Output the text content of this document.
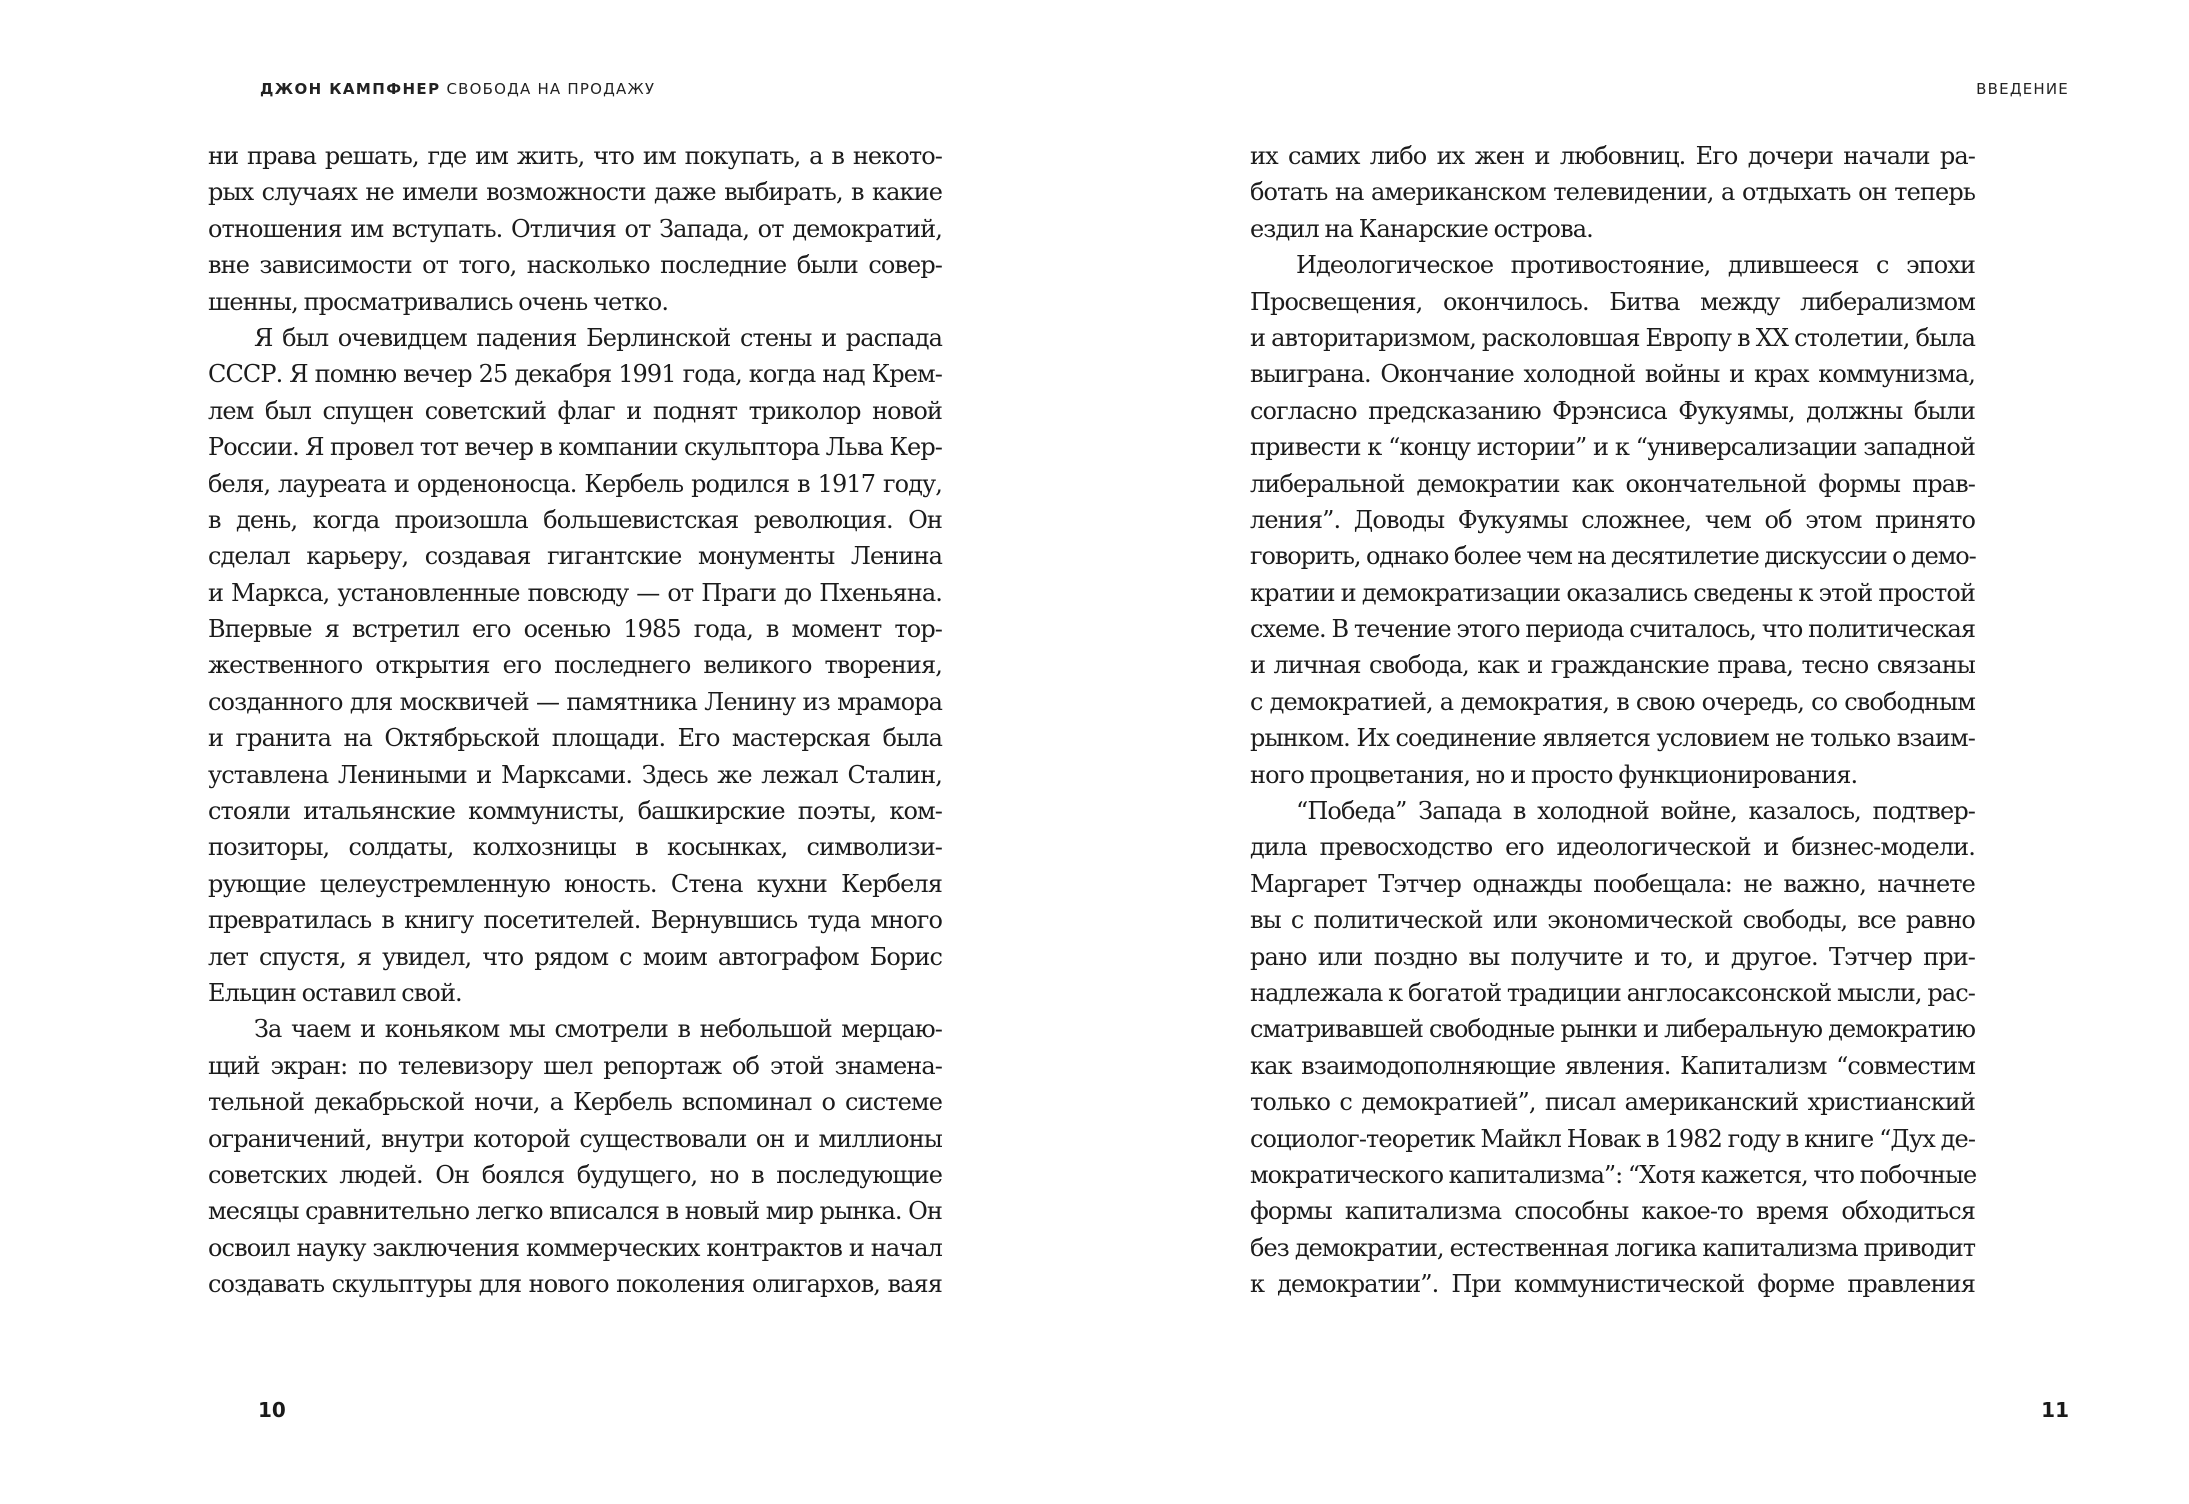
ДЖОН КАМПФНЕР СВОБОДА НА ПРОДАЖУ
ни права решать, где им жить, что им покупать, а в некото-
рых случаях не имели возможности даже выбирать, в какие
отношения им вступать. Отличия от Запада, от демократий,
вне зависимости от того, насколько последние были совер-
шенны, просматривались очень четко.
Я был очевидцем падения Берлинской стены и распада
СССР. Я помню вечер 25 декабря 1991 года, когда над Крем-
лем был спущен советский флаг и поднят триколор новой
России. Я провел тот вечер в компании скульптора Льва Кер-
беля, лауреата и орденоносца. Кербель родился в 1917 году,
в день, когда произошла большевистская революция. Он
сделал карьеру, создавая гигантские монументы Ленина
и Маркса, установленные повсюду — от Праги до Пхеньяна.
Впервые я встретил его осенью 1985 года, в момент тор-
жественного открытия его последнего великого творения,
созданного для москвичей — памятника Ленину из мрамора
и гранита на Октябрьской площади. Его мастерская была
уставлена Лениными и Марксами. Здесь же лежал Сталин,
стояли итальянские коммунисты, башкирские поэты, ком-
позиторы, солдаты, колхозницы в косынках, символизи-
рующие целеустремленную юность. Стена кухни Кербеля
превратилась в книгу посетителей. Вернувшись туда много
лет спустя, я увидел, что рядом с моим автографом Борис
Ельцин оставил свой.
За чаем и коньяком мы смотрели в небольшой мерцаю-
щий экран: по телевизору шел репортаж об этой знамена-
тельной декабрьской ночи, а Кербель вспоминал о системе
ограничений, внутри которой существовали он и миллионы
советских людей. Он боялся будущего, но в последующие
месяцы сравнительно легко вписался в новый мир рынка. Он
освоил науку заключения коммерческих контрактов и начал
создавать скульптуры для нового поколения олигархов, ваяя
10
ВВЕДЕНИЕ
их самих либо их жен и любовниц. Его дочери начали ра-
ботать на американском телевидении, а отдыхать он теперь
ездил на Канарские острова.
Идеологическое противостояние, длившееся с эпохи
Просвещения, окончилось. Битва между либерализмом
и авторитаризмом, расколовшая Европу в XX столетии, была
выиграна. Окончание холодной войны и крах коммунизма,
согласно предсказанию Фрэнсиса Фукуямы, должны были
привести к “концу истории” и к “универсализации западной
либеральной демократии как окончательной формы прав-
ления”. Доводы Фукуямы сложнее, чем об этом принято
говорить, однако более чем на десятилетие дискуссии о демо-
кратии и демократизации оказались сведены к этой простой
схеме. В течение этого периода считалось, что политическая
и личная свобода, как и гражданские права, тесно связаны
с демократией, а демократия, в свою очередь, со свободным
рынком. Их соединение является условием не только взаим-
ного процветания, но и просто функционирования.
“Победа” Запада в холодной войне, казалось, подтвер-
дила превосходство его идеологической и бизнес-модели.
Маргарет Тэтчер однажды пообещала: не важно, начнете
вы с политической или экономической свободы, все равно
рано или поздно вы получите и то, и другое. Тэтчер при-
надлежала к богатой традиции англосаксонской мысли, рас-
сматривавшей свободные рынки и либеральную демократию
как взаимодополняющие явления. Капитализм “совместим
только с демократией”, писал американский христианский
социолог-теоретик Майкл Новак в 1982 году в книге “Дух де-
мократического капитализма”: “Хотя кажется, что побочные
формы капитализма способны какое-то время обходиться
без демократии, естественная логика капитализма приводит
к демократии”. При коммунистической форме правления
11
